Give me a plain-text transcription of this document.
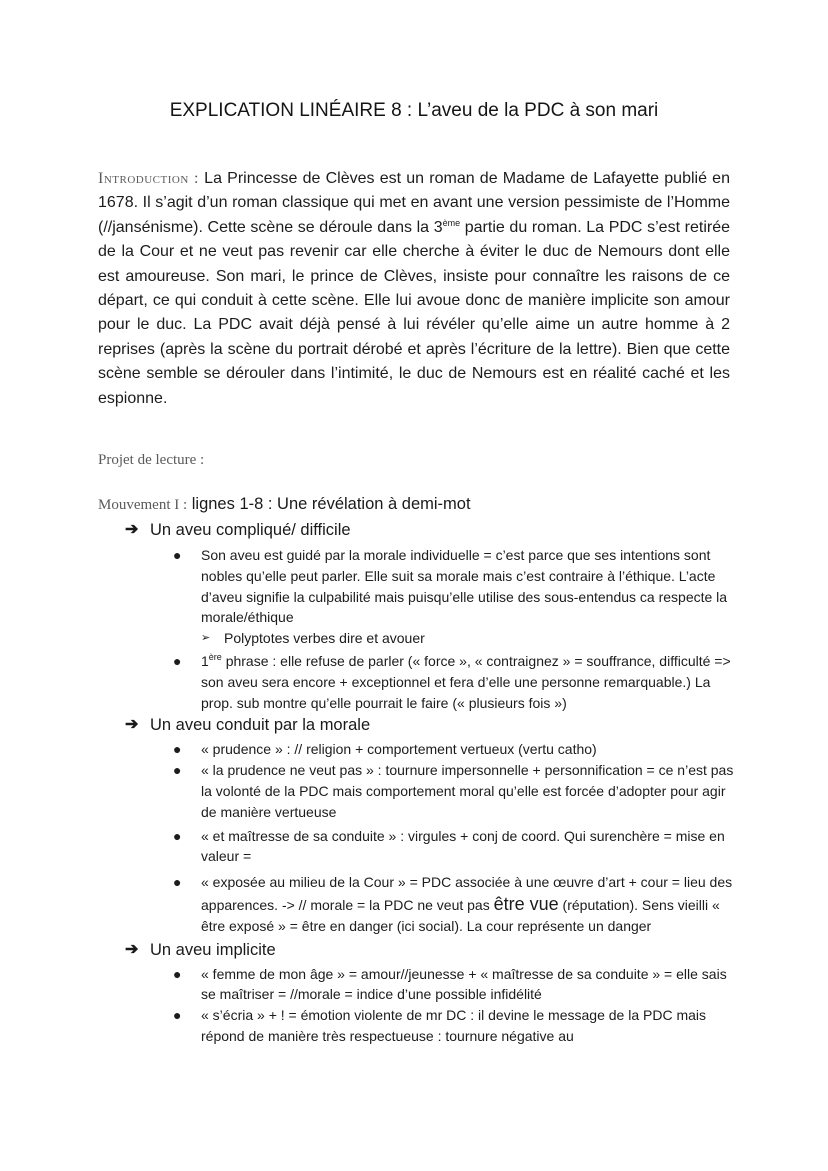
EXPLICATION LINÉAIRE 8 : L’aveu de la PDC à son mari
Introduction : La Princesse de Clèves est un roman de Madame de Lafayette publié en 1678. Il s’agit d’un roman classique qui met en avant une version pessimiste de l’Homme (//jansénisme). Cette scène se déroule dans la 3ème partie du roman. La PDC s’est retirée de la Cour et ne veut pas revenir car elle cherche à éviter le duc de Nemours dont elle est amoureuse. Son mari, le prince de Clèves, insiste pour connaître les raisons de ce départ, ce qui conduit à cette scène. Elle lui avoue donc de manière implicite son amour pour le duc. La PDC avait déjà pensé à lui révéler qu’elle aime un autre homme à 2 reprises (après la scène du portrait dérobé et après l’écriture de la lettre). Bien que cette scène semble se dérouler dans l’intimité, le duc de Nemours est en réalité caché et les espionne.
Projet de lecture :
Mouvement I : lignes 1-8 : Une révélation à demi-mot
➔ Un aveu compliqué/ difficile
● Son aveu est guidé par la morale individuelle = c’est parce que ses intentions sont nobles qu’elle peut parler. Elle suit sa morale mais c’est contraire à l’éthique. L’acte d’aveu signifie la culpabilité mais puisqu’elle utilise des sous-entendus ca respecte la morale/éthique
➢ Polyptotes verbes dire et avouer
● 1ère phrase : elle refuse de parler (« force », « contraignez » = souffrance, difficulté => son aveu sera encore + exceptionnel et fera d’elle une personne remarquable.) La prop. sub montre qu’elle pourrait le faire (« plusieurs fois »)
➔ Un aveu conduit par la morale
● « prudence » : // religion + comportement vertueux (vertu catho)
● « la prudence ne veut pas » : tournure impersonnelle + personnification = ce n’est pas la volonté de la PDC mais comportement moral qu’elle est forcée d’adopter pour agir de manière vertueuse
● « et maîtresse de sa conduite » : virgules + conj de coord. Qui surenchère = mise en valeur =
● « exposée au milieu de la Cour » = PDC associée à une œuvre d’art + cour = lieu des apparences. -> // morale = la PDC ne veut pas être vue (réputation). Sens vieilli « être exposé » = être en danger (ici social). La cour représente un danger
➔ Un aveu implicite
● « femme de mon âge » = amour//jeunesse + « maîtresse de sa conduite » = elle sais se maîtriser = //morale = indice d’une possible infidélité
● « s’écria » + ! = émotion violente de mr DC : il devine le message de la PDC mais répond de manière très respectueuse : tournure négative au
